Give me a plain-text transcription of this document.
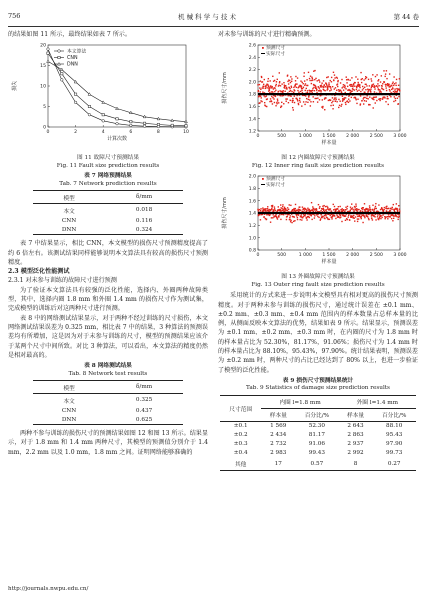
756	机 械 科 学 与 技 术	第 44 卷

的结果如图 11 所示，最终结果如表 7 所示。

0	2	4	6	8	10
0
5
10
15
20
计算次数
损失
本文算法
CNN
DNN

图 11 故障尺寸预测结果

Fig. 11 Fault size prediction results

表 7 网络预测结果

Tab. 7 Network prediction results

模型	δ/mm
本文	0.018
CNN	0.116
DNN	0.324

表 7 中结果显示，相比 CNN，本文模型的损伤尺寸预测精度提高了约 6 倍左右。该测试结果同样能够说明本文算法具有较高的损伤尺寸预测精度。

2.3 模型泛化性能测试

2.3.1 对未参与训练的故障尺寸进行预测

为了验证本文算法具有较强的泛化性能，选择内、外圈两种故障类型，其中，选择内圈 1.8 mm 和外圈 1.4 mm 的损伤尺寸作为测试集，完成模型的训练后对这两种尺寸进行预测。

表 8 中的网络测试结果显示，对于两种不经过训练的尺寸损伤，本文网络测试结果误差为 0.325 mm，相比表 7 中的结果，3 种算法的预测误差均有所增加，这是因为对于未参与训练的尺寸，模型的预测结果应该介于某两个尺寸中间所致。对比 3 种算法，可以看出，本文算法的精度仍然是相对最高的。

表 8 网络测试结果

Tab. 8 Network test results

模型	δ/mm
本文	0.325
CNN	0.437
DNN	0.625

两种不参与训练的损伤尺寸的预测结果如图 12 和图 13 所示。结果显示，对于 1.8 mm 和 1.4 mm 两种尺寸，其模型的预测值分别介于 1.4 mm，2.2 mm 以及 1.0 mm，1.8 mm 之间。证明网络能够准确的

对未参与训练的尺寸进行精确预测。

0	500	1 000 1 500 2 000 2 500 3 000
1.2
1.4
1.6
1.8
2.0
2.2
2.4
2.6
样本量
损伤尺寸/mm
预测尺寸
实际尺寸

图 12 内圈故障尺寸预测结果

Fig. 12 Inner ring fault size prediction results

0	500	1 000 1 500 2 000 2 500 3 000
0.8
1.0
1.2
1.4
1.6
1.8
2.0
样本量
损伤尺寸/mm
预测尺寸
实际尺寸

图 13 外圈故障尺寸预测结果

Fig. 13 Outer ring fault size prediction results

采用统计的方式来进一步说明本文模型具有相对更高的损伤尺寸预测精度。对于两种未参与训练的损伤尺寸，通过统计误差在 ±0.1 mm、±0.2 mm、±0.3 mm、±0.4 mm 范围内的样本数量占总样本量的比例，从侧面反映本文算法的优势，结果如表 9 所示。结果显示，预测误差为 ±0.1 mm、±0.2 mm、±0.3 mm 时，在内圈的尺寸为 1.8 mm 时的样本量占比为 52.30%，81.17%，91.06%；损伤尺寸为 1.4 mm 时的样本量占比为 88.10%，95.43%，97.90%。统计结果表明，预测误差为 ±0.2 mm 时，两种尺寸的占比已经达到了 80% 以上，也进一步验证了模型的泛化性能。

表 9 损伤尺寸预测结果统计

Tab. 9 Statistics of damage size prediction results

尺寸范围	内圈 l=1.8 mm		外圈 l=1.4 mm	
	样本量	百分比/%	样本量	百分比/%
±0.1	1 569	52.30	2 643	88.10
±0.2	2 434	81.17	2 863	95.43
±0.3	2 732	91.06	2 937	97.90
±0.4	2 983	99.43	2 992	99.73
其他	17	0.57	8	0.27
http://journals.nwpu.edu.cn/
